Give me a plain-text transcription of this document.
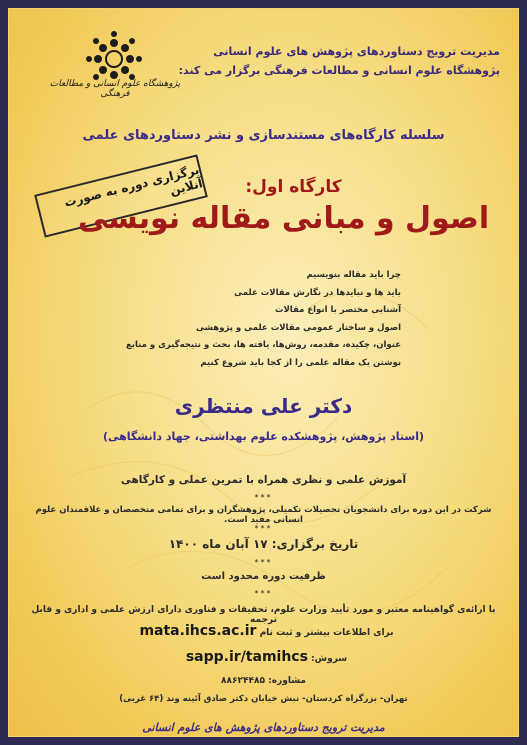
پژوهشگاه علوم انسانی و مطالعات فرهنگی
مدیریت ترویج دستاوردهای پژوهش های علوم انسانی
پژوهشگاه علوم انسانی و مطالعات فرهنگی برگزار می کند:
سلسله کارگاه‌های مستندسازی و نشر دستاوردهای علمی
برگزاری دوره به صورت آنلاین	کارگاه اول:
اصول و مبانی مقاله نویسی
چرا باید مقاله بنویسیم
باید ها و نبایدها در نگارش مقالات علمی
آشنایی مختصر با انواع مقالات
اصول و ساختار عمومی مقالات علمی و پژوهشی
عنوان، چکیده، مقدمه، روش‌ها، یافته ها، بحث و نتیجه‌گیری و منابع
نوشتن یک مقاله علمی را از کجا باید شروع کنیم
دکتر علی منتظری
(استاد پژوهش، پژوهشکده علوم بهداشتی، جهاد دانشگاهی)
آموزش علمی و نظری همراه با تمرین عملی و کارگاهی
***
شرکت در این دوره برای دانشجویان تحصیلات تکمیلی، پژوهشگران و برای تمامی متخصصان و علاقمندان علوم انسانی مفید است.
***
تاریخ برگزاری: ۱۷ آبان ماه ۱۴۰۰
***
ظرفیت دوره محدود است
***
با ارائه‌ی گواهینامه معتبر و مورد تأیید وزارت علوم، تحقیقات و فناوری دارای ارزش علمی و اداری و قابل ترجمه
برای اطلاعات بیشتر و ثبت نام mata.ihcs.ac.ir
سروش: sapp.ir/tamihcs
مشاوره: ۸۸۶۲۴۴۸۵
تهران- بزرگراه کردستان- نبش خیابان دکتر صادق آئینه وند (۶۴ غربی)
مدیریت ترویج دستاوردهای پژوهش های علوم انسانی
